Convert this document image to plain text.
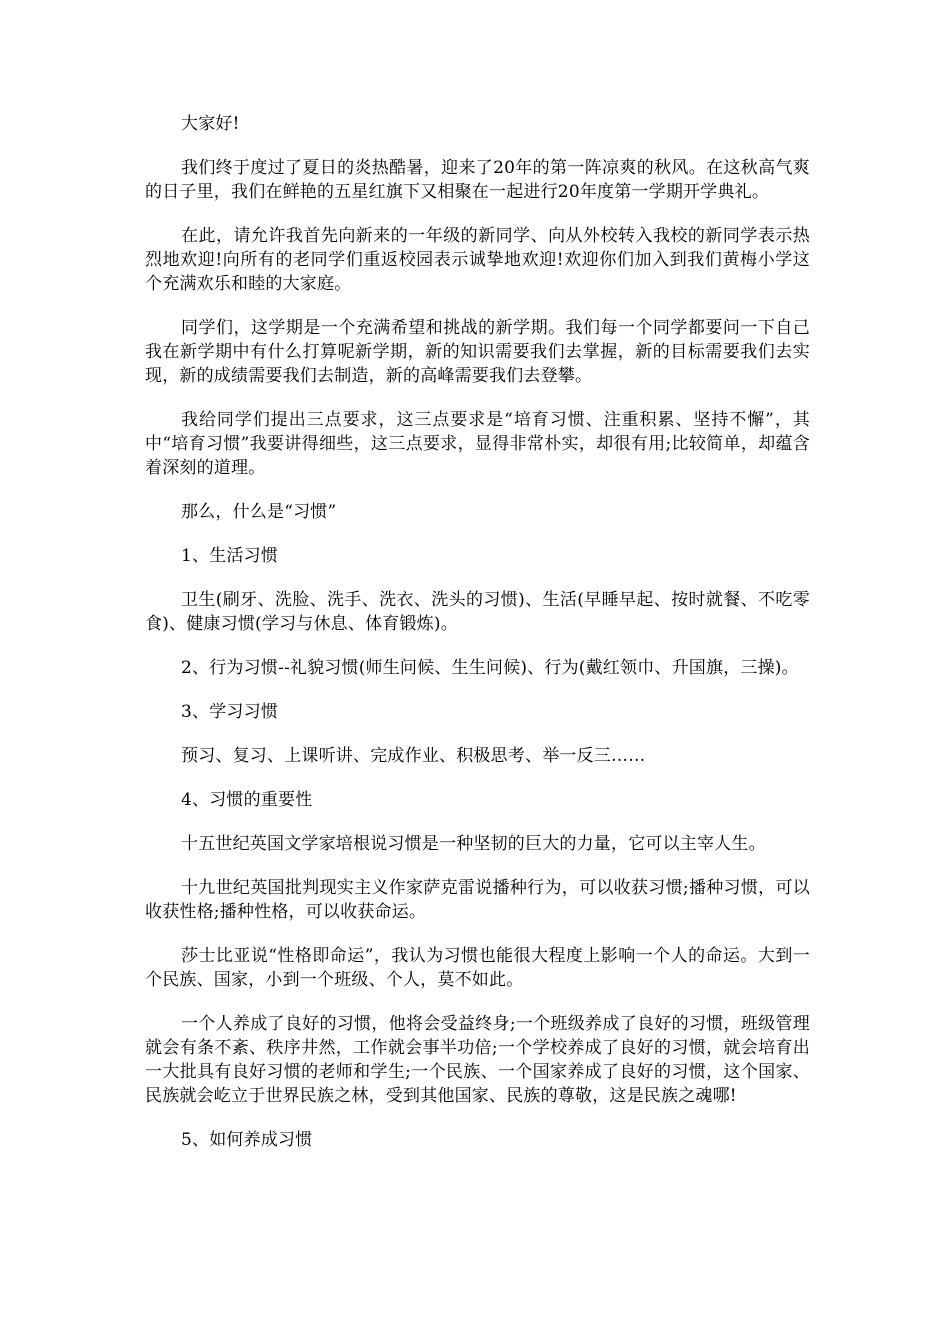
大家好!

我们终于度过了夏日的炎热酷暑，迎来了20年的第一阵凉爽的秋风。在这秋高气爽的日子里，我们在鲜艳的五星红旗下又相聚在一起进行20年度第一学期开学典礼。

在此，请允许我首先向新来的一年级的新同学、向从外校转入我校的新同学表示热烈地欢迎!向所有的老同学们重返校园表示诚挚地欢迎!欢迎你们加入到我们黄梅小学这个充满欢乐和睦的大家庭。

同学们，这学期是一个充满希望和挑战的新学期。我们每一个同学都要问一下自己我在新学期中有什么打算呢新学期，新的知识需要我们去掌握，新的目标需要我们去实现，新的成绩需要我们去制造，新的高峰需要我们去登攀。

我给同学们提出三点要求，这三点要求是“培育习惯、注重积累、坚持不懈”，其中“培育习惯”我要讲得细些，这三点要求，显得非常朴实，却很有用;比较简单，却蕴含着深刻的道理。

那么，什么是“习惯”

1、生活习惯

卫生(刷牙、洗脸、洗手、洗衣、洗头的习惯)、生活(早睡早起、按时就餐、不吃零食)、健康习惯(学习与休息、体育锻炼)。

2、行为习惯--礼貌习惯(师生问候、生生问候)、行为(戴红领巾、升国旗，三操)。

3、学习习惯

预习、复习、上课听讲、完成作业、积极思考、举一反三……

4、习惯的重要性

十五世纪英国文学家培根说习惯是一种坚韧的巨大的力量，它可以主宰人生。

十九世纪英国批判现实主义作家萨克雷说播种行为，可以收获习惯;播种习惯，可以收获性格;播种性格，可以收获命运。

莎士比亚说“性格即命运”，我认为习惯也能很大程度上影响一个人的命运。大到一个民族、国家，小到一个班级、个人，莫不如此。

一个人养成了良好的习惯，他将会受益终身;一个班级养成了良好的习惯，班级管理就会有条不紊、秩序井然，工作就会事半功倍;一个学校养成了良好的习惯，就会培育出一大批具有良好习惯的老师和学生;一个民族、一个国家养成了良好的习惯，这个国家、民族就会屹立于世界民族之林，受到其他国家、民族的尊敬，这是民族之魂哪!

5、如何养成习惯
